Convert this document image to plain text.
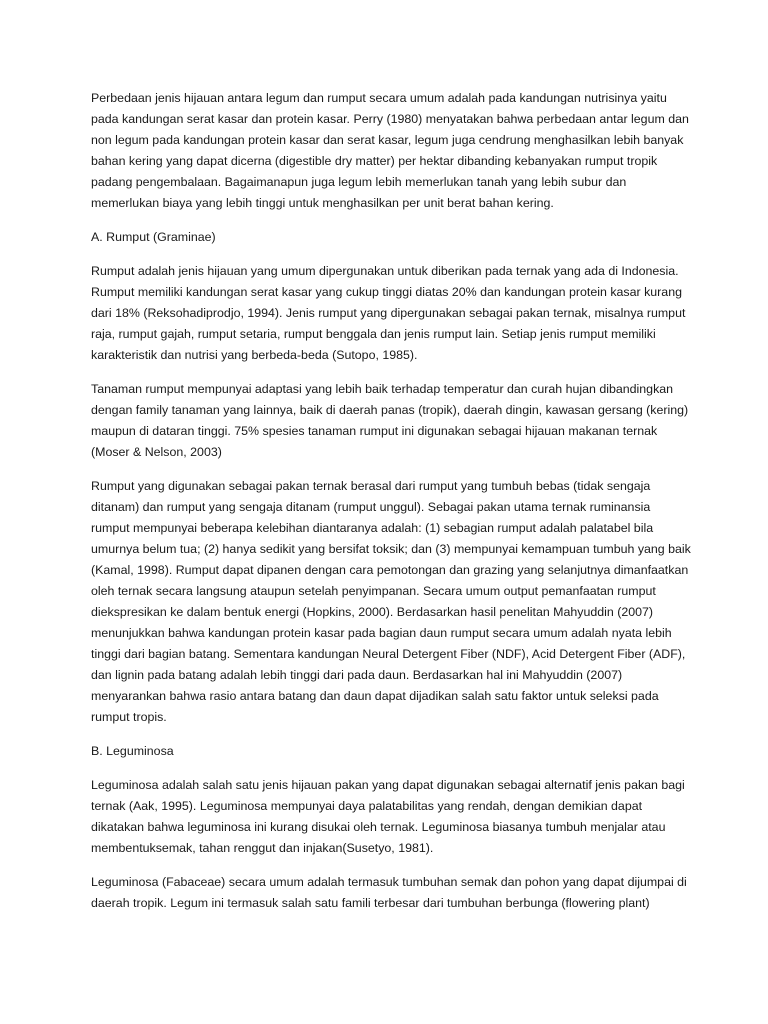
Perbedaan jenis hijauan antara legum dan rumput secara umum adalah pada kandungan nutrisinya yaitu pada kandungan serat kasar dan protein kasar. Perry (1980) menyatakan bahwa perbedaan antar legum dan non legum pada kandungan protein kasar dan serat kasar, legum juga cendrung menghasilkan lebih banyak bahan kering yang dapat dicerna (digestible dry matter) per hektar dibanding kebanyakan rumput tropik padang pengembalaan. Bagaimanapun juga legum lebih memerlukan tanah yang lebih subur dan memerlukan biaya yang lebih tinggi untuk menghasilkan per unit berat bahan kering.

A. Rumput (Graminae)

Rumput adalah jenis hijauan yang umum dipergunakan untuk diberikan pada ternak yang ada di Indonesia. Rumput memiliki kandungan serat kasar yang cukup tinggi diatas 20% dan kandungan protein kasar kurang dari 18% (Reksohadiprodjo, 1994). Jenis rumput yang dipergunakan sebagai pakan ternak, misalnya rumput raja, rumput gajah, rumput setaria, rumput benggala dan jenis rumput lain. Setiap jenis rumput memiliki karakteristik dan nutrisi yang berbeda-beda (Sutopo, 1985).

Tanaman rumput mempunyai adaptasi yang lebih baik terhadap temperatur dan curah hujan dibandingkan dengan family tanaman yang lainnya, baik di daerah panas (tropik), daerah dingin, kawasan gersang (kering) maupun di dataran tinggi. 75% spesies tanaman rumput ini digunakan sebagai hijauan makanan ternak (Moser & Nelson, 2003)

Rumput yang digunakan sebagai pakan ternak berasal dari rumput yang tumbuh bebas (tidak sengaja ditanam) dan rumput yang sengaja ditanam (rumput unggul). Sebagai pakan utama ternak ruminansia rumput mempunyai beberapa kelebihan diantaranya adalah: (1) sebagian rumput adalah palatabel bila umurnya belum tua; (2) hanya sedikit yang bersifat toksik; dan (3) mempunyai kemampuan tumbuh yang baik (Kamal, 1998). Rumput dapat dipanen dengan cara pemotongan dan grazing yang selanjutnya dimanfaatkan oleh ternak secara langsung ataupun setelah penyimpanan. Secara umum output pemanfaatan rumput diekspresikan ke dalam bentuk energi (Hopkins, 2000). Berdasarkan hasil penelitan Mahyuddin (2007) menunjukkan bahwa kandungan protein kasar pada bagian daun rumput secara umum adalah nyata lebih tinggi dari bagian batang. Sementara kandungan Neural Detergent Fiber (NDF), Acid Detergent Fiber (ADF), dan lignin pada batang adalah lebih tinggi dari pada daun. Berdasarkan hal ini Mahyuddin (2007) menyarankan bahwa rasio antara batang dan daun dapat dijadikan salah satu faktor untuk seleksi pada rumput tropis.

B. Leguminosa

Leguminosa adalah salah satu jenis hijauan pakan yang dapat digunakan sebagai alternatif jenis pakan bagi ternak (Aak, 1995). Leguminosa mempunyai daya palatabilitas yang rendah, dengan demikian dapat dikatakan bahwa leguminosa ini kurang disukai oleh ternak. Leguminosa biasanya tumbuh menjalar atau membentuksemak, tahan renggut dan injakan(Susetyo, 1981).

Leguminosa (Fabaceae) secara umum adalah termasuk tumbuhan semak dan pohon yang dapat dijumpai di daerah tropik. Legum ini termasuk salah satu famili terbesar dari tumbuhan berbunga (flowering plant)
